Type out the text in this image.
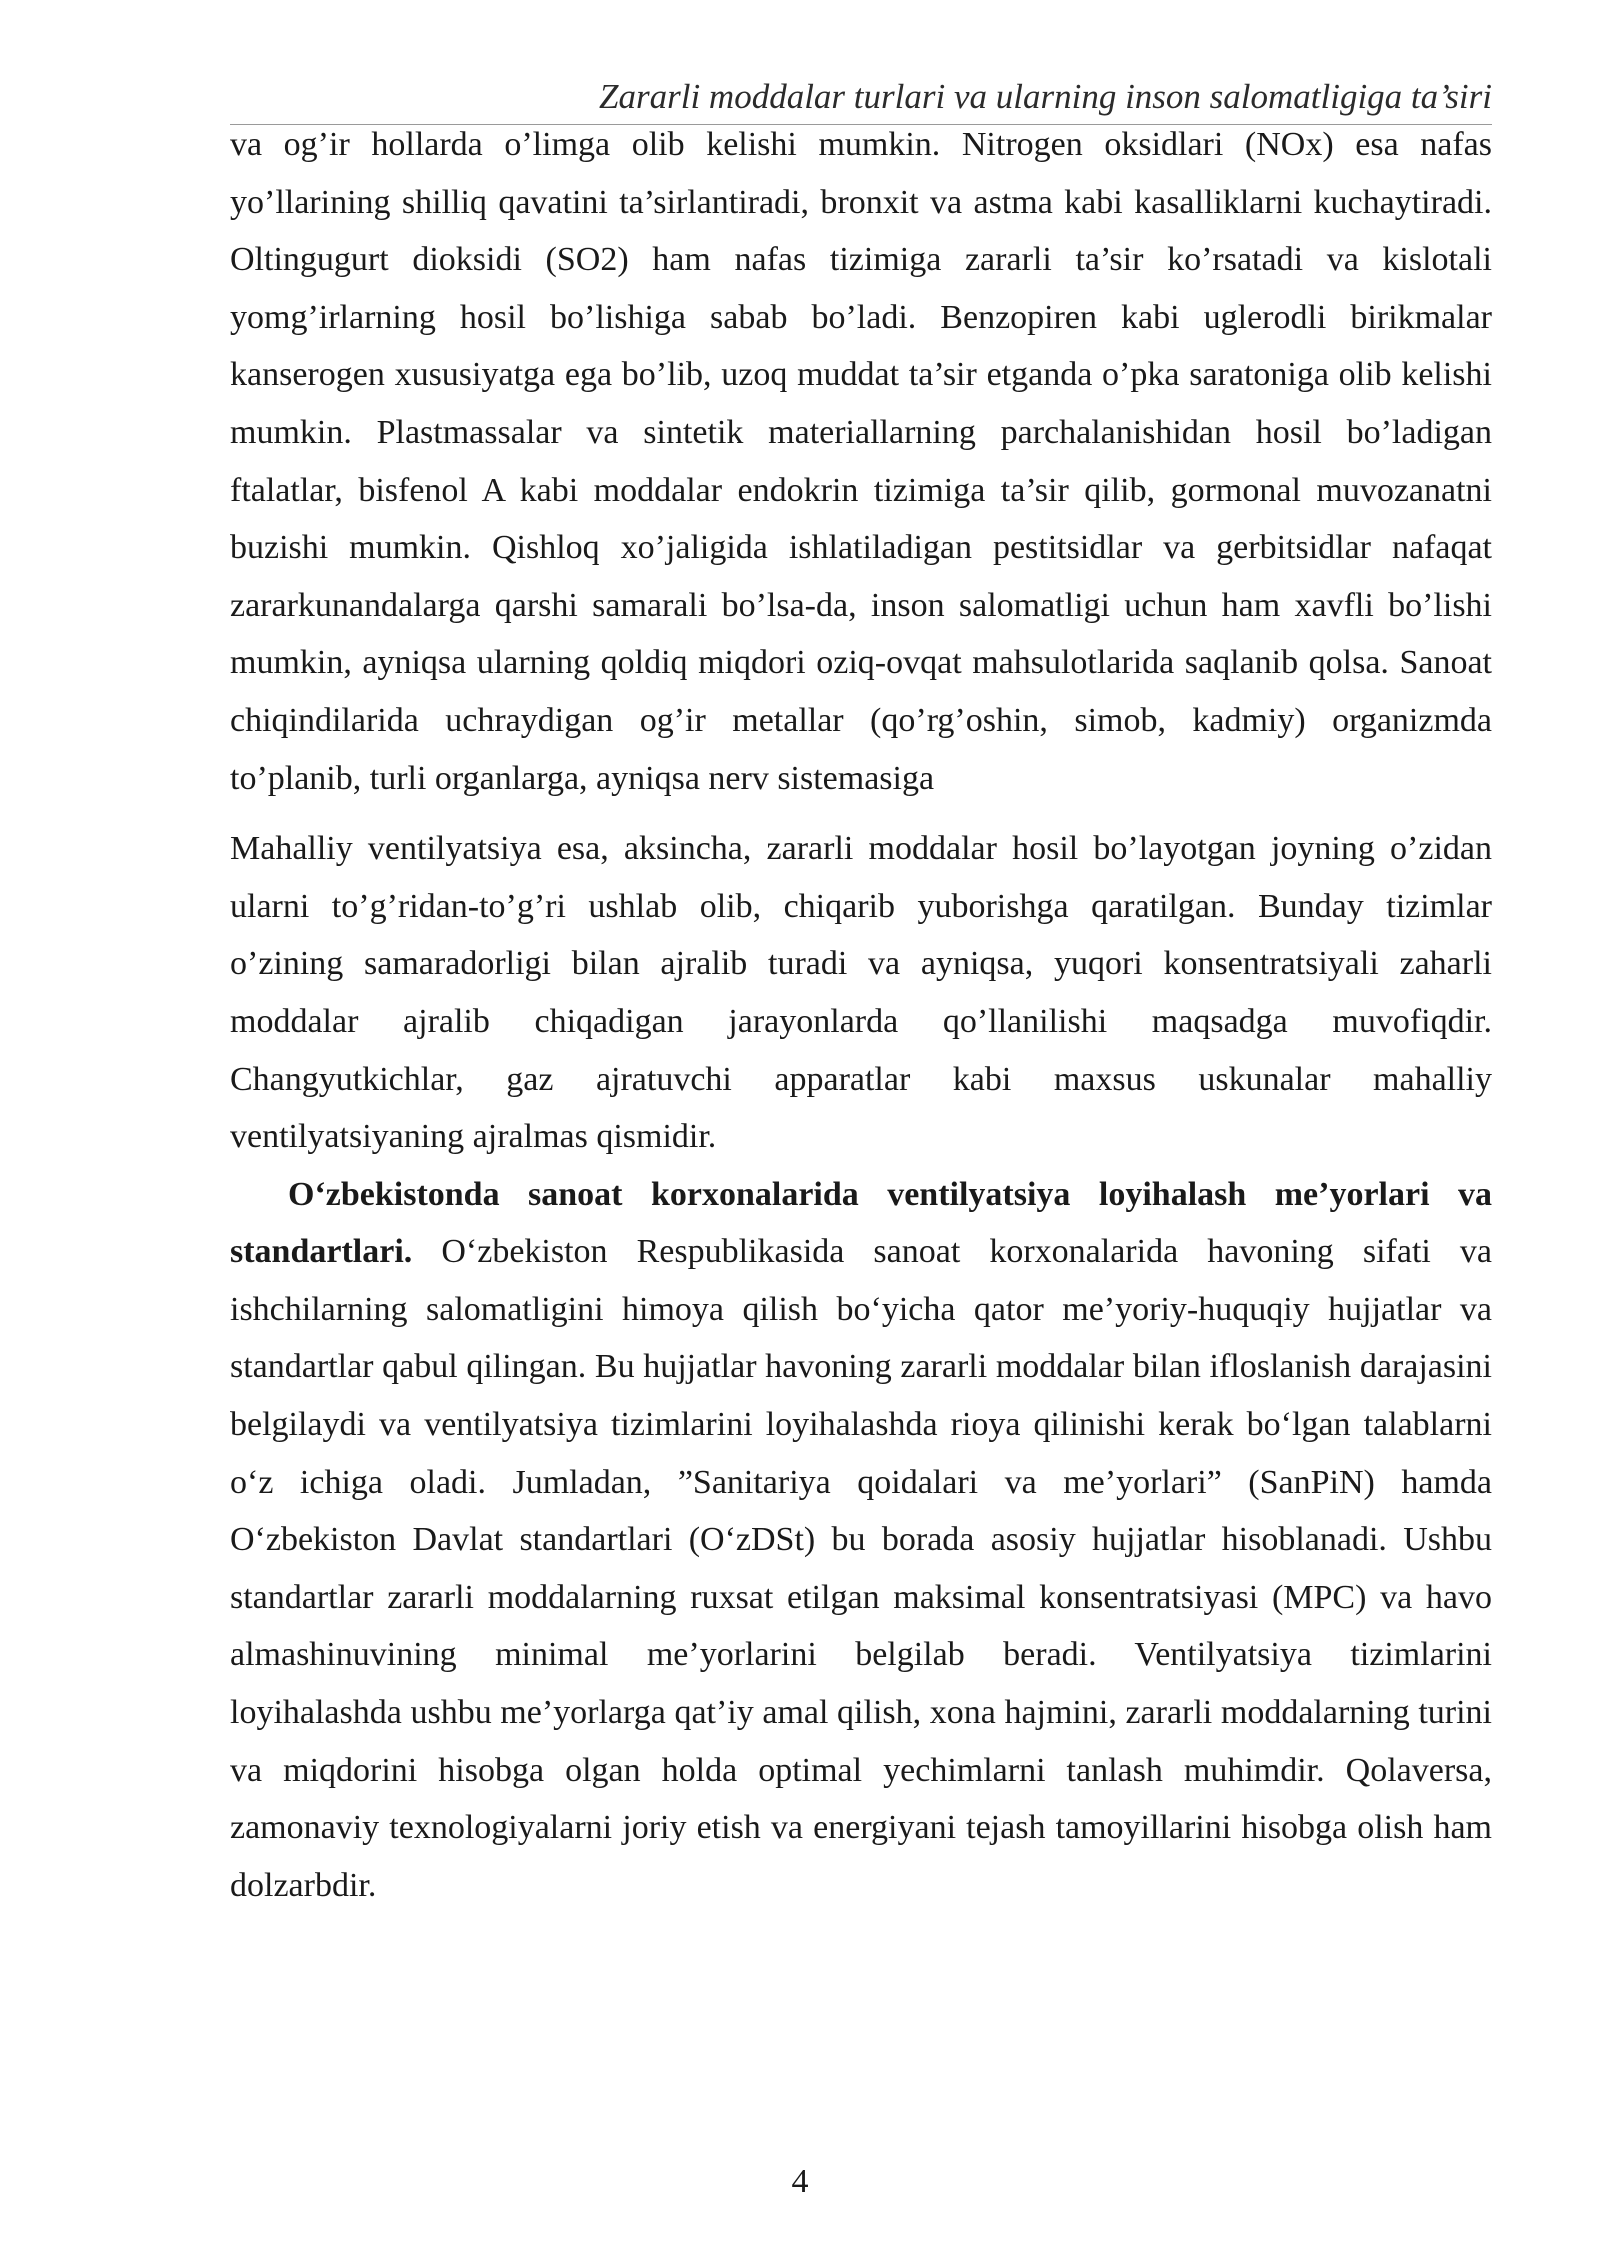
Zararli moddalar turlari va ularning inson salomatligiga ta’siri

va og’ir hollarda o’limga olib kelishi mumkin. Nitrogen oksidlari (NOx) esa nafas yo’llarining shilliq qavatini ta’sirlantiradi, bronxit va astma kabi kasalliklarni kuchaytiradi. Oltingugurt dioksidi (SO2) ham nafas tizimiga zararli ta’sir ko’rsatadi va kislotali yomg’irlarning hosil bo’lishiga sabab bo’ladi. Benzopiren kabi uglerodli birikmalar kanserogen xususiyatga ega bo’lib, uzoq muddat ta’sir etganda o’pka saratoniga olib kelishi mumkin. Plastmassalar va sintetik materiallarning parchalanishidan hosil bo’ladigan ftalatlar, bisfenol A kabi moddalar endokrin tizimiga ta’sir qilib, gormonal muvozanatni buzishi mumkin. Qishloq xo’jaligida ishlatiladigan pestitsidlar va gerbitsidlar nafaqat zararkunandalarga qarshi samarali bo’lsa-da, inson salomatligi uchun ham xavfli bo’lishi mumkin, ayniqsa ularning qoldiq miqdori oziq-ovqat mahsulotlarida saqlanib qolsa. Sanoat chiqindilarida uchraydigan og’ir metallar (qo’rg’oshin, simob, kadmiy) organizmda to’planib, turli organlarga, ayniqsa nerv sistemasiga

Mahalliy ventilyatsiya esa, aksincha, zararli moddalar hosil bo’layotgan joyning o’zidan ularni to’g’ridan-to’g’ri ushlab olib, chiqarib yuborishga qaratilgan. Bunday tizimlar o’zining samaradorligi bilan ajralib turadi va ayniqsa, yuqori konsentratsiyali zaharli moddalar ajralib chiqadigan jarayonlarda qo’llanilishi maqsadga muvofiqdir. Changyutkichlar, gaz ajratuvchi apparatlar kabi maxsus uskunalar mahalliy ventilyatsiyaning ajralmas qismidir.

O‘zbekistonda sanoat korxonalarida ventilyatsiya loyihalash me’yorlari va standartlari. O‘zbekiston Respublikasida sanoat korxonalarida havoning sifati va ishchilarning salomatligini himoya qilish bo‘yicha qator me’yoriy-huquqiy hujjatlar va standartlar qabul qilingan. Bu hujjatlar havoning zararli moddalar bilan ifloslanish darajasini belgilaydi va ventilyatsiya tizimlarini loyihalashda rioya qilinishi kerak bo‘lgan talablarni o‘z ichiga oladi. Jumladan, ”Sanitariya qoidalari va me’yorlari” (SanPiN) hamda O‘zbekiston Davlat standartlari (O‘zDSt) bu borada asosiy hujjatlar hisoblanadi. Ushbu standartlar zararli moddalarning ruxsat etilgan maksimal konsentratsiyasi (MPC) va havo almashinuvining minimal me’yorlarini belgilab beradi. Ventilyatsiya tizimlarini loyihalashda ushbu me’yorlarga qat’iy amal qilish, xona hajmini, zararli moddalarning turini va miqdorini hisobga olgan holda optimal yechimlarni tanlash muhimdir. Qolaversa, zamonaviy texnologiyalarni joriy etish va energiyani tejash tamoyillarini hisobga olish ham dolzarbdir.

4
